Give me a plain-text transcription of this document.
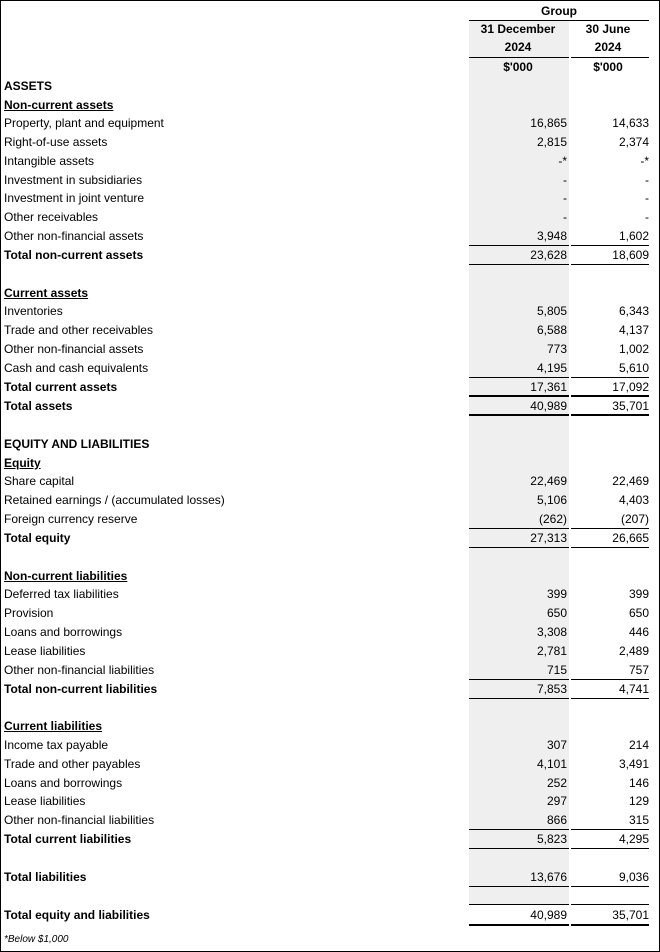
Group
31 December	30 June
2024	2024
$'000	$'000
ASSETS
Non-current assets
Property, plant and equipment	16,865	14,633
Right-of-use assets	2,815	2,374
Intangible assets	-*	-*
Investment in subsidiaries	-	-
Investment in joint venture	-	-
Other receivables	-	-
Other non-financial assets	3,948	1,602
Total non-current assets	23,628	18,609
Current assets
Inventories	5,805	6,343
Trade and other receivables	6,588	4,137
Other non-financial assets	773	1,002
Cash and cash equivalents	4,195	5,610
Total current assets	17,361	17,092
Total assets	40,989	35,701
EQUITY AND LIABILITIES
Equity
Share capital	22,469	22,469
Retained earnings / (accumulated losses)	5,106	4,403
Foreign currency reserve	(262)	(207)
Total equity	27,313	26,665
Non-current liabilities
Deferred tax liabilities	399	399
Provision	650	650
Loans and borrowings	3,308	446
Lease liabilities	2,781	2,489
Other non-financial liabilities	715	757
Total non-current liabilities	7,853	4,741
Current liabilities
Income tax payable	307	214
Trade and other payables	4,101	3,491
Loans and borrowings	252	146
Lease liabilities	297	129
Other non-financial liabilities	866	315
Total current liabilities	5,823	4,295
Total liabilities	13,676	9,036
Total equity and liabilities	40,989	35,701
*Below $1,000
